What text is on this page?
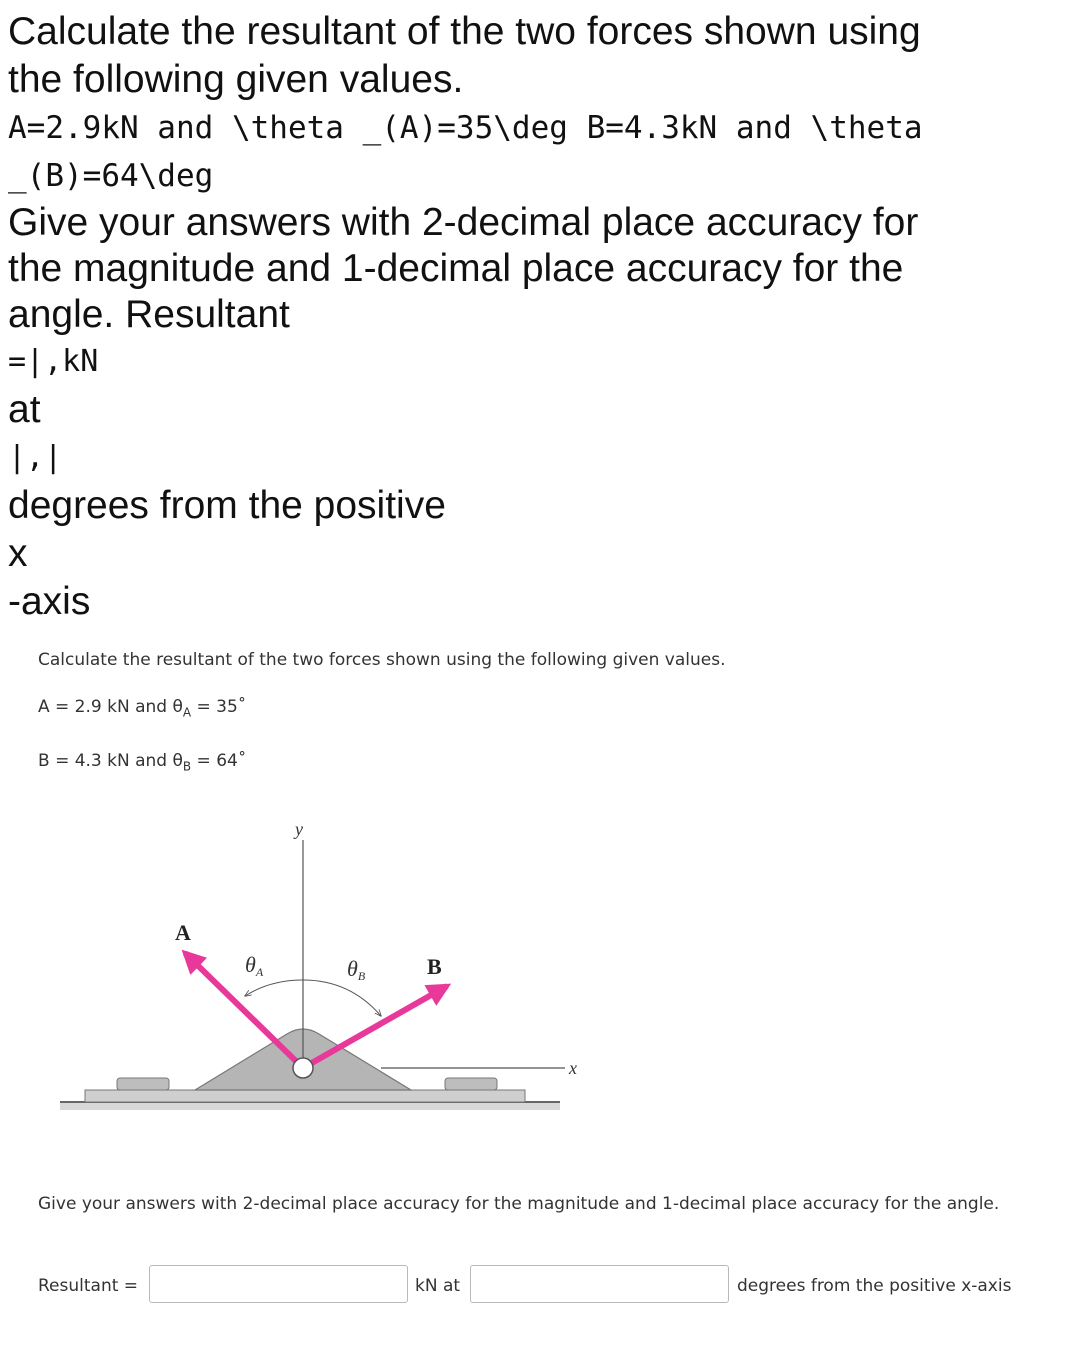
Calculate the resultant of the two forces shown using

the following given values.

A=2.9kN and \theta _(A)=35\deg B=4.3kN and \theta

_(B)=64\deg

Give your answers with 2-decimal place accuracy for

the magnitude and 1-decimal place accuracy for the

angle. Resultant

=|,kN

at

|,|

degrees from the positive

x

-axis

Calculate the resultant of the two forces shown using the following given values.
A = 2.9 kN and $\theta_A$ = 35˚
B = 4.3 kN and $\theta_B$ = 64˚
y
x
A
B
θA	θB
Give your answers with 2-decimal place accuracy for the magnitude and 1-decimal place accuracy for the angle.
Resultant =	kN at	degrees from the positive x-axis
